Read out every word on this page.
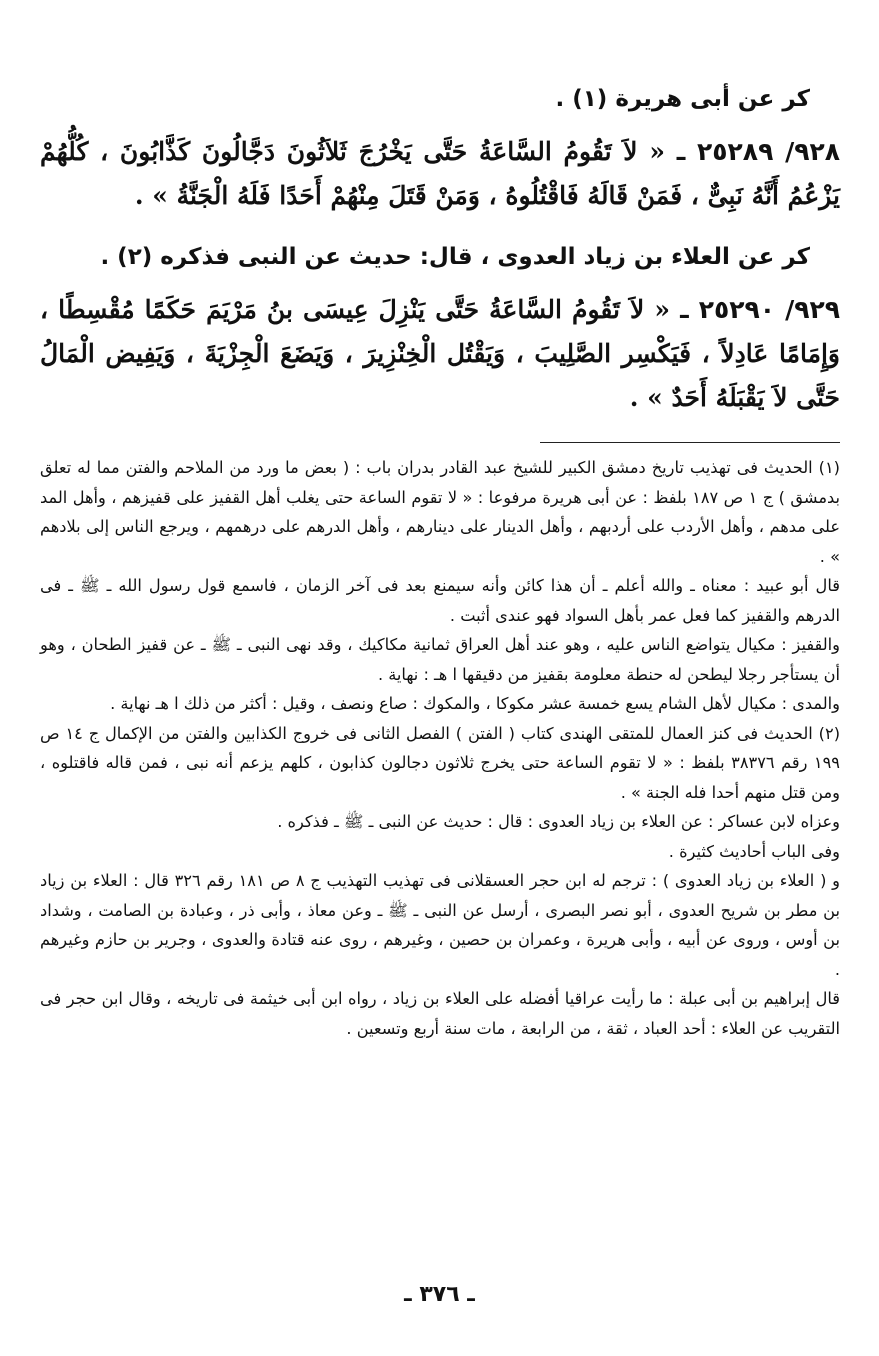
كر عن أبى هريرة (١) .

٩٢٨/ ٢٥٢٨٩ ـ « لاَ تَقُومُ السَّاعَةُ حَتَّى يَخْرُجَ ثَلاَثُونَ دَجَّالُونَ كَذَّابُونَ ، كُلُّهُمْ يَزْعُمُ أَنَّهُ نَبِىٌّ ، فَمَنْ قَالَهُ فَاقْتُلُوهُ ، وَمَنْ قَتَلَ مِنْهُمْ أَحَدًا فَلَهُ الْجَنَّةُ » .

كر عن العلاء بن زياد العدوى ، قال: حديث عن النبى فذكره (٢) .

٩٢٩/ ٢٥٢٩٠ ـ « لاَ تَقُومُ السَّاعَةُ حَتَّى يَنْزِلَ عِيسَى بنُ مَرْيَمَ حَكَمًا مُقْسِطًا ، وَإِمَامًا عَادِلاً ، فَيَكْسِر الصَّلِيبَ ، وَيَقْتُل الْخِنْزِيرَ ، وَيَضَعَ الْجِزْيَةَ ، وَيَفِيض الْمَالُ حَتَّى لاَ يَقْبَلَهُ أَحَدٌ » .

(١) الحديث فى تهذيب تاريخ دمشق الكبير للشيخ عبد القادر بدران باب : ( بعض ما ورد من الملاحم والفتن مما له تعلق بدمشق ) ج ١ ص ١٨٧ بلفظ : عن أبى هريرة مرفوعا : « لا تقوم الساعة حتى يغلب أهل القفيز على قفيزهم ، وأهل المد على مدهم ، وأهل الأردب على أردبهم ، وأهل الدينار على دينارهم ، وأهل الدرهم على درهمهم ، ويرجع الناس إلى بلادهم » .

قال أبو عبيد : معناه ـ والله أعلم ـ أن هذا كائن وأنه سيمنع بعد فى آخر الزمان ، فاسمع قول رسول الله ـ ﷺ ـ فى الدرهم والقفيز كما فعل عمر بأهل السواد فهو عندى أثبت .

والقفيز : مكيال يتواضع الناس عليه ، وهو عند أهل العراق ثمانية مكاكيك ، وقد نهى النبى ـ ﷺ ـ عن قفيز الطحان ، وهو أن يستأجر رجلا ليطحن له حنطة معلومة بقفيز من دقيقها ا هـ : نهاية .

والمدى : مكيال لأهل الشام يسع خمسة عشر مكوكا ، والمكوك : صاع ونصف ، وقيل : أكثر من ذلك ا هـ نهاية .

(٢) الحديث فى كنز العمال للمتقى الهندى كتاب ( الفتن ) الفصل الثانى فى خروج الكذابين والفتن من الإكمال ج ١٤ ص ١٩٩ رقم ٣٨٣٧٦ بلفظ : « لا تقوم الساعة حتى يخرج ثلاثون دجالون كذابون ، كلهم يزعم أنه نبى ، فمن قاله فاقتلوه ، ومن قتل منهم أحدا فله الجنة » .

وعزاه لابن عساكر : عن العلاء بن زياد العدوى : قال : حديث عن النبى ـ ﷺ ـ فذكره .

وفى الباب أحاديث كثيرة .

و ( العلاء بن زياد العدوى ) : ترجم له ابن حجر العسقلانى فى تهذيب التهذيب ج ٨ ص ١٨١ رقم ٣٢٦ قال : العلاء بن زياد بن مطر بن شريح العدوى ، أبو نصر البصرى ، أرسل عن النبى ـ ﷺ ـ وعن معاذ ، وأبى ذر ، وعبادة بن الصامت ، وشداد بن أوس ، وروى عن أبيه ، وأبى هريرة ، وعمران بن حصين ، وغيرهم ، روى عنه قتادة والعدوى ، وجرير بن حازم وغيرهم .

قال إبراهيم بن أبى عبلة : ما رأيت عراقيا أفضله على العلاء بن زياد ، رواه ابن أبى خيثمة فى تاريخه ، وقال ابن حجر فى التقريب عن العلاء : أحد العباد ، ثقة ، من الرابعة ، مات سنة أربع وتسعين .

ـ ٣٧٦ ـ
